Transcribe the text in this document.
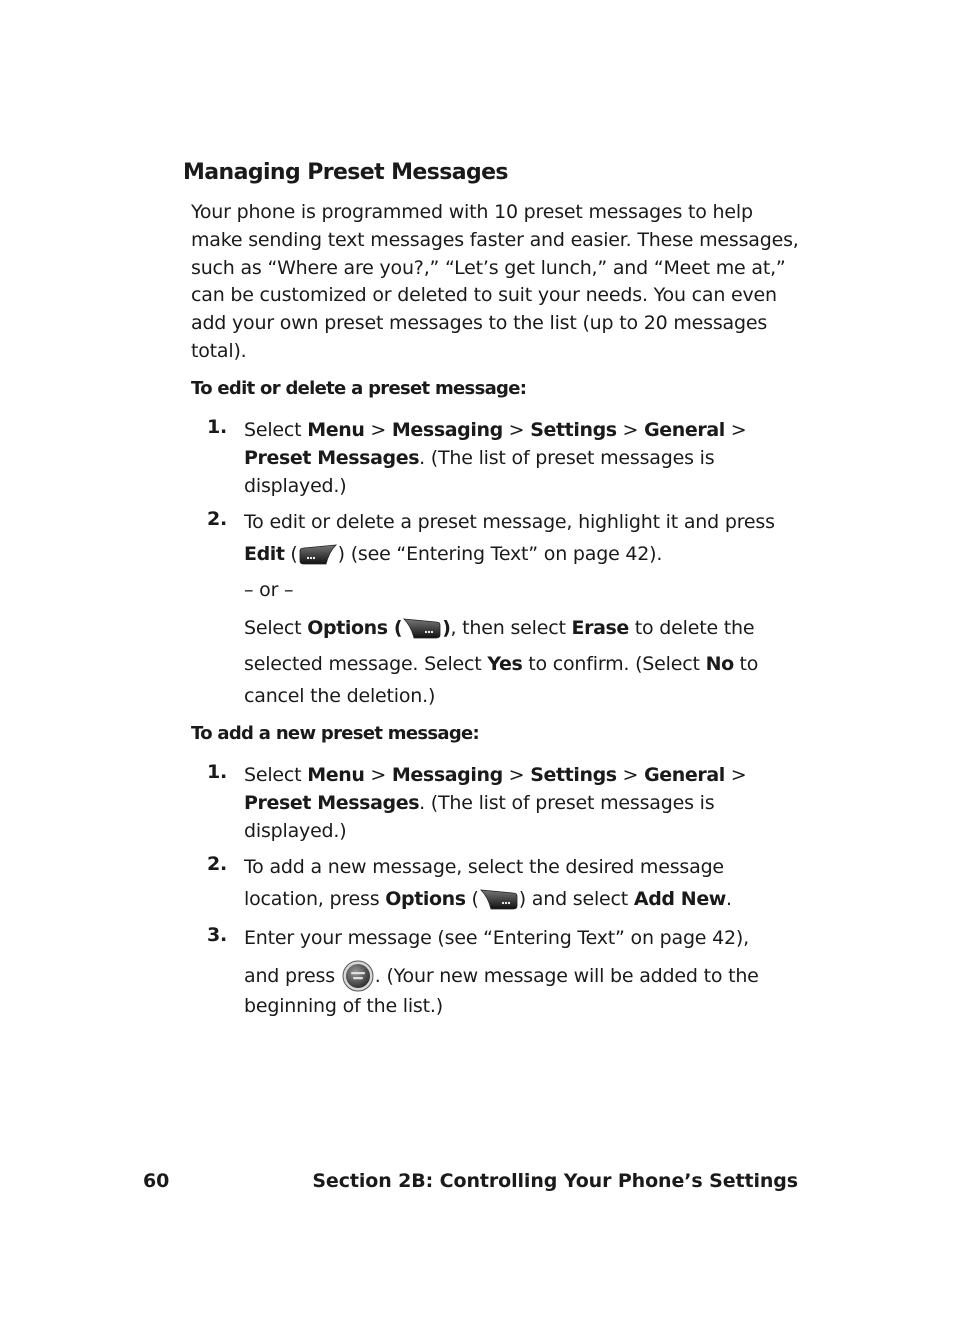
Managing Preset Messages
Your phone is programmed with 10 preset messages to help
make sending text messages faster and easier. These messages,
such as “Where are you?,” “Let’s get lunch,” and “Meet me at,”
can be customized or deleted to suit your needs. You can even
add your own preset messages to the list (up to 20 messages
total).
To edit or delete a preset message:
1. Select Menu > Messaging > Settings > General >
Preset Messages. (The list of preset messages is
displayed.)
2. To edit or delete a preset message, highlight it and press
Edit ( ) (see “Entering Text” on page 42).
– or –
Select Options ( ), then select Erase to delete the
selected message. Select Yes to confirm. (Select No to
cancel the deletion.)
To add a new preset message:
1. Select Menu > Messaging > Settings > General >
Preset Messages. (The list of preset messages is
displayed.)
2. To add a new message, select the desired message
location, press Options ( ) and select Add New.
3. Enter your message (see “Entering Text” on page 42),
and press . (Your new message will be added to the
beginning of the list.)
60	Section 2B: Controlling Your Phone’s Settings
